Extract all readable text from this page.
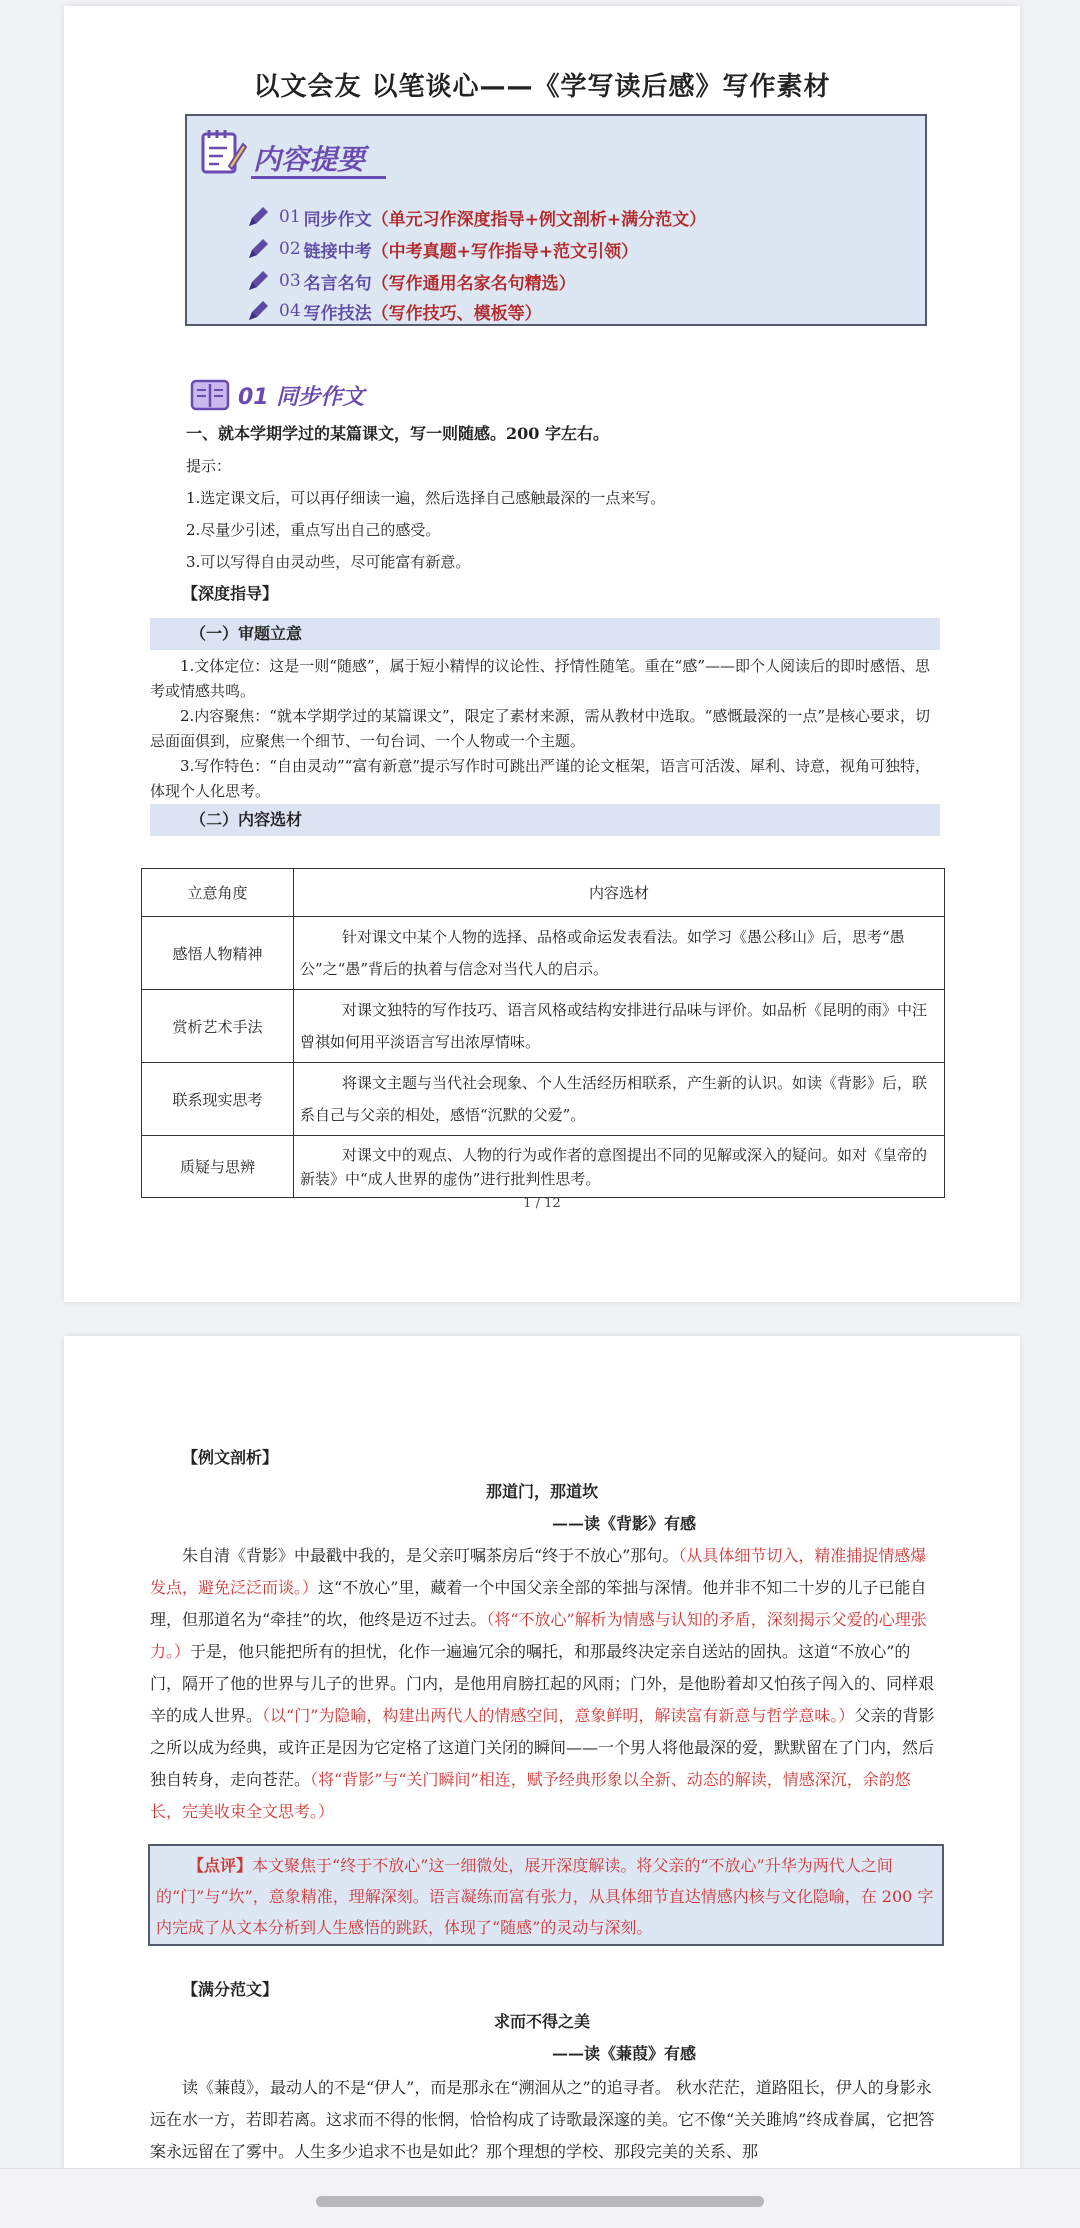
以文会友 以笔谈心——《学写读后感》写作素材
内容提要
01 同步作文 （单元习作深度指导+例文剖析+满分范文）
02 链接中考 （中考真题+写作指导+范文引领）
03 名言名句 （写作通用名家名句精选）
04 写作技法 （写作技巧、模板等）
01 同步作文
一、就本学期学过的某篇课文，写一则随感。200 字左右。
提示：
1.选定课文后，可以再仔细读一遍，然后选择自己感触最深的一点来写。
2.尽量少引述，重点写出自己的感受。
3.可以写得自由灵动些，尽可能富有新意。
【深度指导】
（一）审题立意
1.文体定位：这是一则“随感”，属于短小精悍的议论性、抒情性随笔。重在“感”——即个人阅读后的即时感悟、思考或情感共鸣。
2.内容聚焦：“就本学期学过的某篇课文”，限定了素材来源，需从教材中选取。“感慨最深的一点”是核心要求，切忌面面俱到，应聚焦一个细节、一句台词、一个人物或一个主题。
3.写作特色：“自由灵动”“富有新意”提示写作时可跳出严谨的论文框架，语言可活泼、犀利、诗意，视角可独特，体现个人化思考。
（二）内容选材
立意角度	内容选材
感悟人物精神	针对课文中某个人物的选择、品格或命运发表看法。如学习《愚公移山》后，思考“愚公”之“愚”背后的执着与信念对当代人的启示。
赏析艺术手法	对课文独特的写作技巧、语言风格或结构安排进行品味与评价。如品析《昆明的雨》中汪曾祺如何用平淡语言写出浓厚情味。
联系现实思考	将课文主题与当代社会现象、个人生活经历相联系，产生新的认识。如读《背影》后，联系自己与父亲的相处，感悟“沉默的父爱”。
质疑与思辨	对课文中的观点、人物的行为或作者的意图提出不同的见解或深入的疑问。如对《皇帝的新装》中“成人世界的虚伪”进行批判性思考。
1 / 12
【例文剖析】
那道门，那道坎
——读《背影》有感
朱自清《背影》中最戳中我的，是父亲叮嘱茶房后“终于不放心”那句。（从具体细节切入，精准捕捉情感爆发点，避免泛泛而谈。）这“不放心”里，藏着一个中国父亲全部的笨拙与深情。他并非不知二十岁的儿子已能自理，但那道名为“牵挂”的坎，他终是迈不过去。（将“不放心”解析为情感与认知的矛盾，深刻揭示父爱的心理张力。）于是，他只能把所有的担忧，化作一遍遍冗余的嘱托，和那最终决定亲自送站的固执。这道“不放心”的门，隔开了他的世界与儿子的世界。门内，是他用肩膀扛起的风雨；门外，是他盼着却又怕孩子闯入的、同样艰辛的成人世界。（以“门”为隐喻，构建出两代人的情感空间，意象鲜明，解读富有新意与哲学意味。）父亲的背影之所以成为经典，或许正是因为它定格了这道门关闭的瞬间——一个男人将他最深的爱，默默留在了门内，然后独自转身，走向苍茫。（将“背影”与“关门瞬间”相连，赋予经典形象以全新、动态的解读，情感深沉，余韵悠长，完美收束全文思考。）
【点评】本文聚焦于“终于不放心”这一细微处，展开深度解读。将父亲的“不放心”升华为两代人之间的“门”与“坎”，意象精准，理解深刻。语言凝练而富有张力，从具体细节直达情感内核与文化隐喻，在 200 字内完成了从文本分析到人生感悟的跳跃，体现了“随感”的灵动与深刻。
【满分范文】
求而不得之美
——读《蒹葭》有感
读《蒹葭》，最动人的不是“伊人”，而是那永在“溯洄从之”的追寻者。 秋水茫茫，道路阻长，伊人的身影永远在水一方，若即若离。这求而不得的怅惘，恰恰构成了诗歌最深邃的美。它不像“关关雎鸠”终成眷属，它把答案永远留在了雾中。人生多少追求不也是如此？那个理想的学校、那段完美的关系、那
